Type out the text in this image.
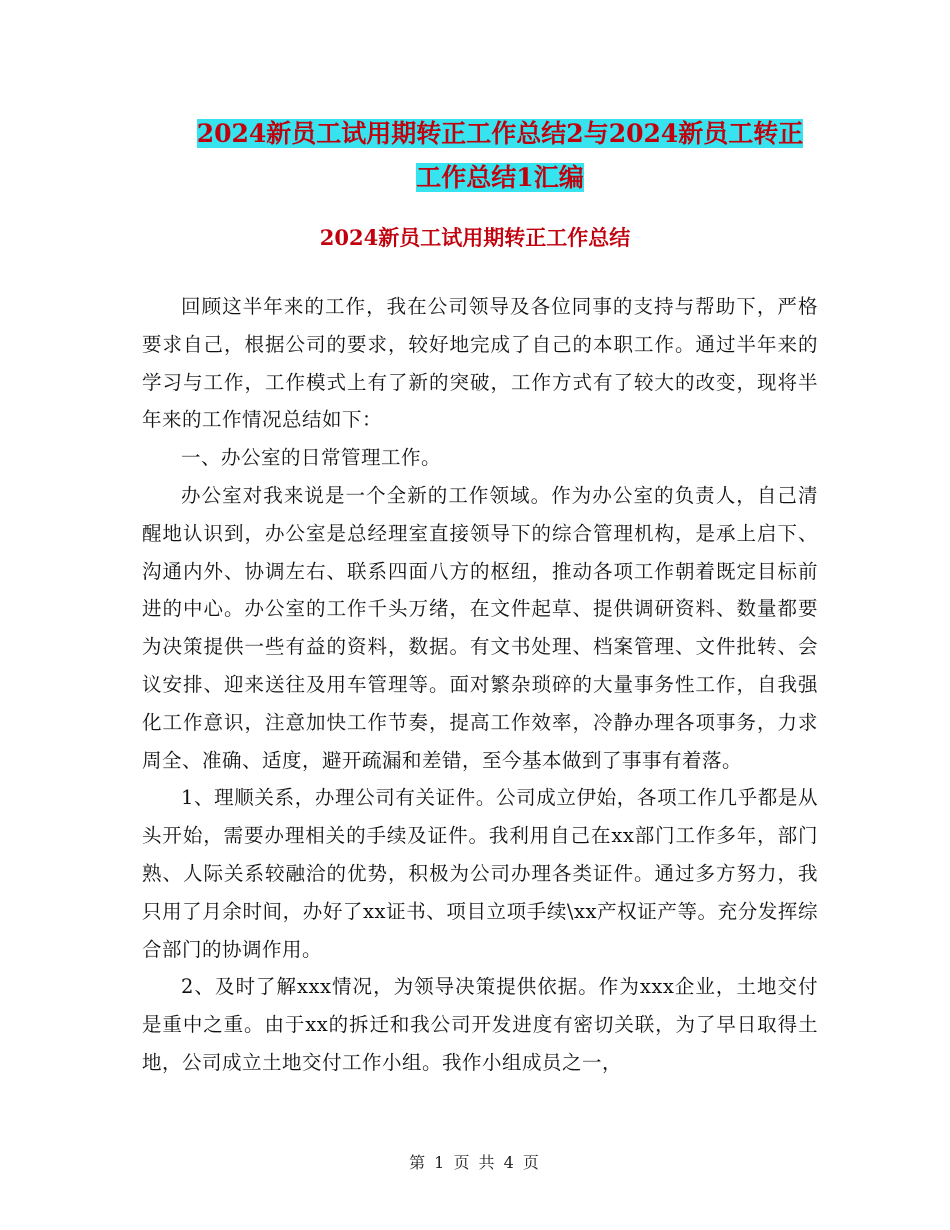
2024新员工试用期转正工作总结2与2024新员工转正
工作总结1汇编
2024新员工试用期转正工作总结

回顾这半年来的工作，我在公司领导及各位同事的支持与帮助下，严格要求自己，根据公司的要求，较好地完成了自己的本职工作。通过半年来的学习与工作，工作模式上有了新的突破，工作方式有了较大的改变，现将半年来的工作情况总结如下：

一、办公室的日常管理工作。

办公室对我来说是一个全新的工作领域。作为办公室的负责人，自己清醒地认识到，办公室是总经理室直接领导下的综合管理机构，是承上启下、沟通内外、协调左右、联系四面八方的枢纽，推动各项工作朝着既定目标前进的中心。办公室的工作千头万绪，在文件起草、提供调研资料、数量都要为决策提供一些有益的资料，数据。有文书处理、档案管理、文件批转、会议安排、迎来送往及用车管理等。面对繁杂琐碎的大量事务性工作，自我强化工作意识，注意加快工作节奏，提高工作效率，冷静办理各项事务，力求周全、准确、适度，避开疏漏和差错，至今基本做到了事事有着落。

1、理顺关系，办理公司有关证件。公司成立伊始，各项工作几乎都是从头开始，需要办理相关的手续及证件。我利用自己在xx部门工作多年，部门熟、人际关系较融洽的优势，积极为公司办理各类证件。通过多方努力，我只用了月余时间，办好了xx证书、项目立项手续\xx产权证产等。充分发挥综合部门的协调作用。

2、及时了解xxx情况，为领导决策提供依据。作为xxx企业，土地交付是重中之重。由于xx的拆迁和我公司开发进度有密切关联，为了早日取得土地，公司成立土地交付工作小组。我作小组成员之一，

第 1 页 共 4 页
